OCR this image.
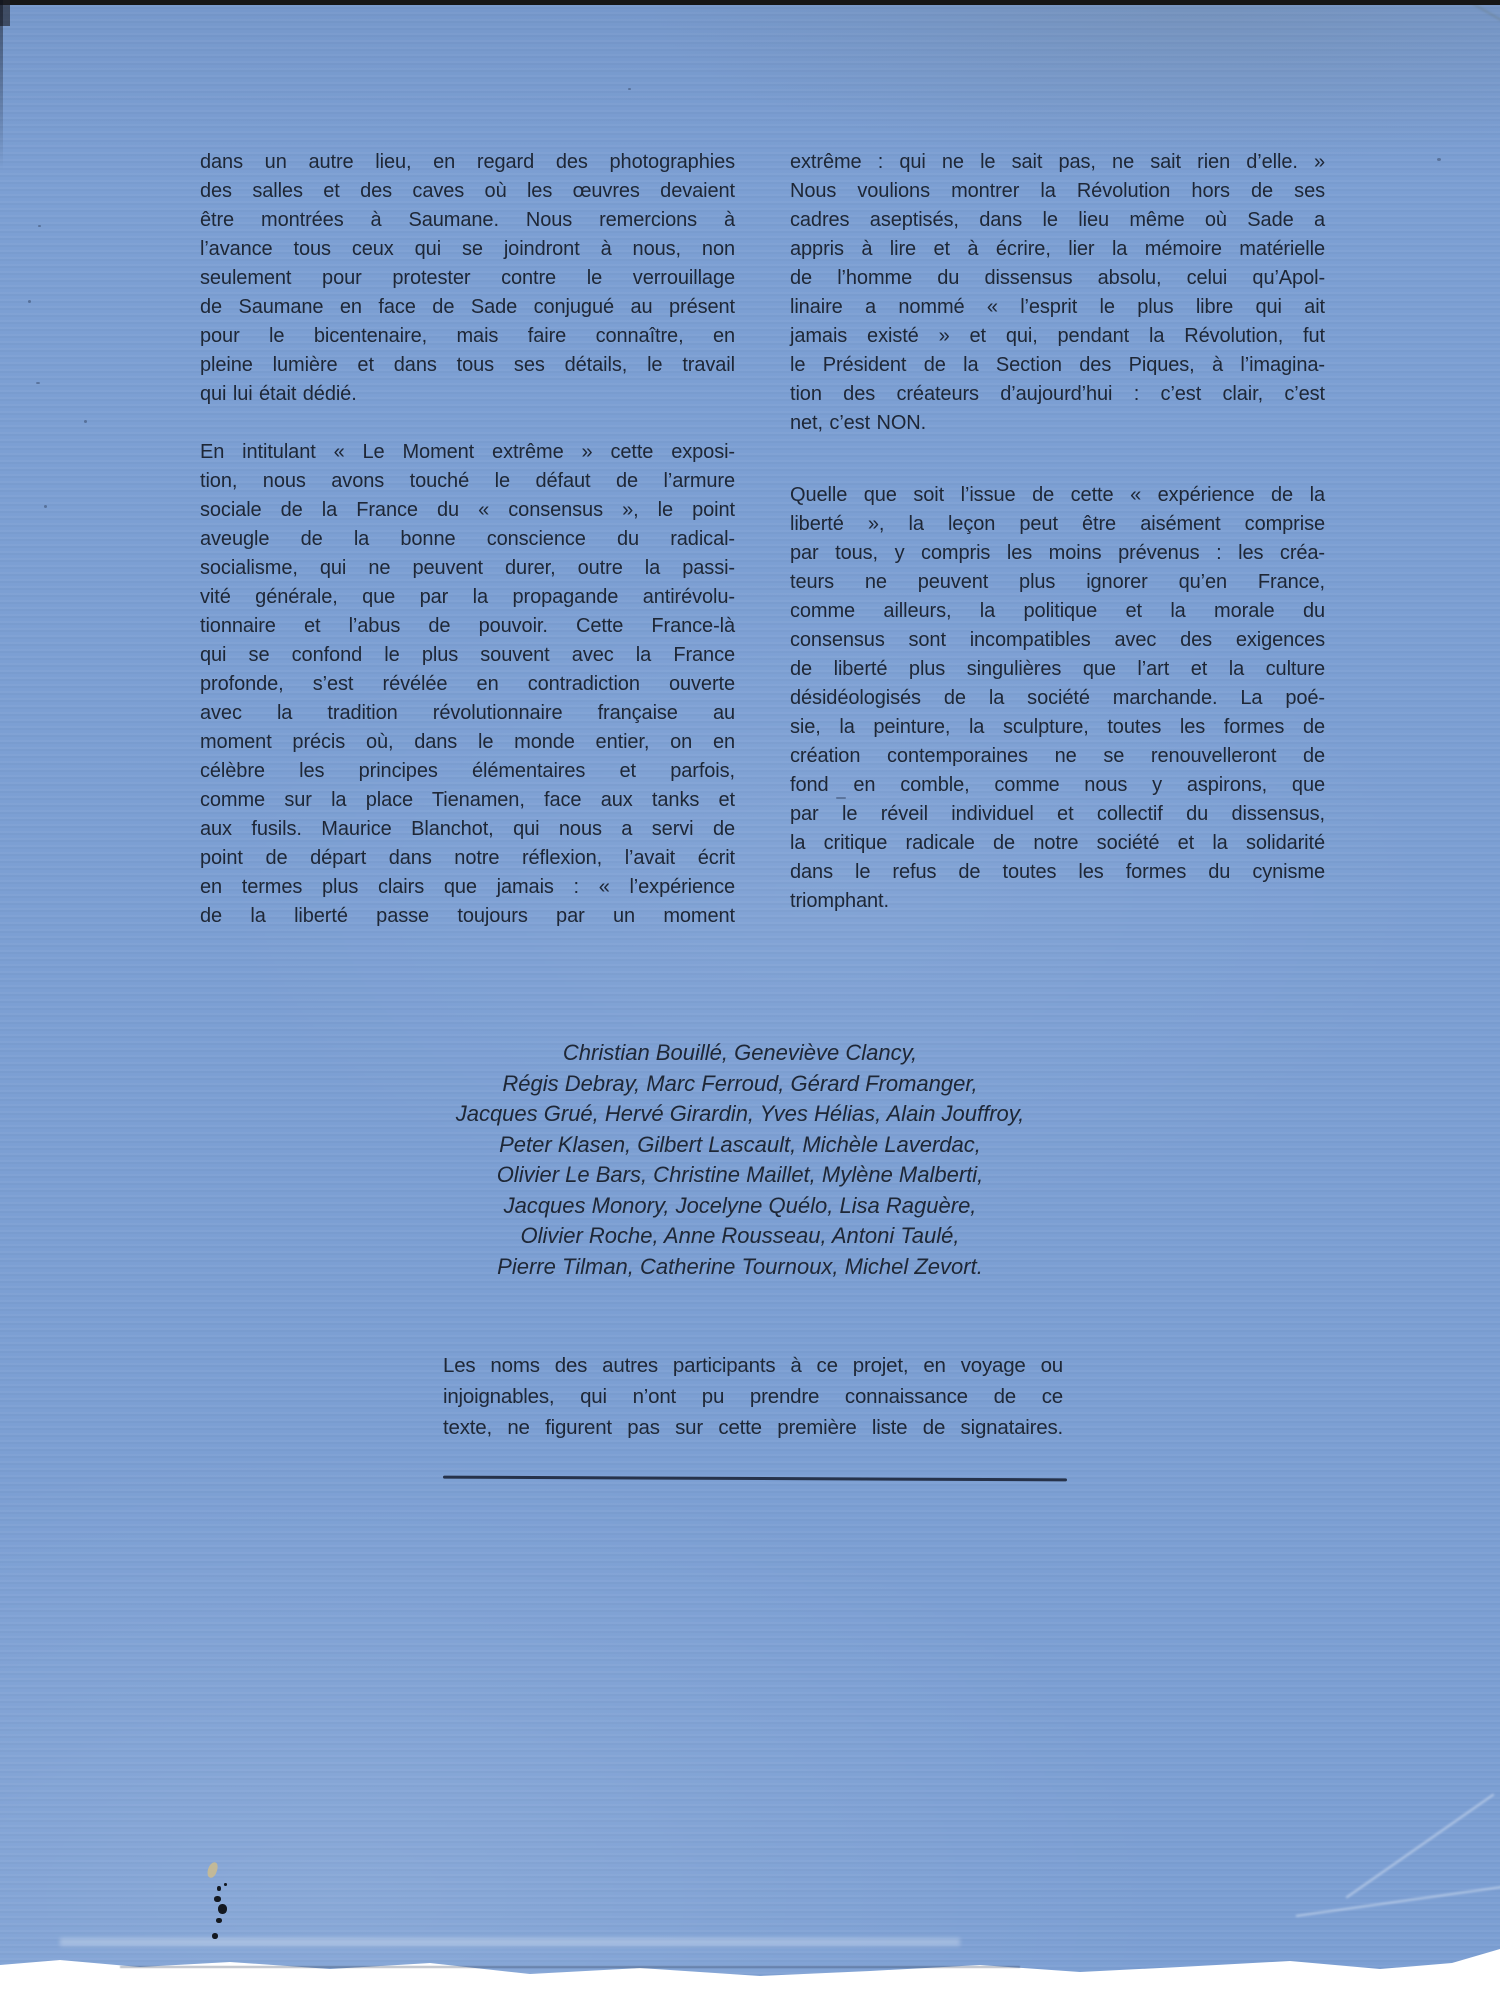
dans un autre lieu, en regard des photographies
des salles et des caves où les œuvres devaient
être montrées à Saumane. Nous remercions à
l’avance tous ceux qui se joindront à nous, non
seulement pour protester contre le verrouillage
de Saumane en face de Sade conjugué au présent
pour le bicentenaire, mais faire connaître, en
pleine lumière et dans tous ses détails, le travail
qui lui était dédié.
En intitulant « Le Moment extrême » cette exposi-
tion, nous avons touché le défaut de l’armure
sociale de la France du « consensus », le point
aveugle de la bonne conscience du radical-
socialisme, qui ne peuvent durer, outre la passi-
vité générale, que par la propagande antirévolu-
tionnaire et l’abus de pouvoir. Cette France-là
qui se confond le plus souvent avec la France
profonde, s’est révélée en contradiction ouverte
avec la tradition révolutionnaire française au
moment précis où, dans le monde entier, on en
célèbre les principes élémentaires et parfois,
comme sur la place Tienamen, face aux tanks et
aux fusils. Maurice Blanchot, qui nous a servi de
point de départ dans notre réflexion, l’avait écrit
en termes plus clairs que jamais : « l’expérience
de la liberté passe toujours par un moment
extrême : qui ne le sait pas, ne sait rien d’elle. »
Nous voulions montrer la Révolution hors de ses
cadres aseptisés, dans le lieu même où Sade a
appris à lire et à écrire, lier la mémoire matérielle
de l’homme du dissensus absolu, celui qu’Apol-
linaire a nommé « l’esprit le plus libre qui ait
jamais existé » et qui, pendant la Révolution, fut
le Président de la Section des Piques, à l’imagina-
tion des créateurs d’aujourd’hui : c’est clair, c’est
net, c’est NON.
Quelle que soit l’issue de cette « expérience de la
liberté », la leçon peut être aisément comprise
par tous, y compris les moins prévenus : les créa-
teurs ne peuvent plus ignorer qu’en France,
comme ailleurs, la politique et la morale du
consensus sont incompatibles avec des exigences
de liberté plus singulières que l’art et la culture
désidéologisés de la société marchande. La poé-
sie, la peinture, la sculpture, toutes les formes de
création contemporaines ne se renouvelleront de
fond en comble, comme nous y aspirons, que
par le réveil individuel et collectif du dissensus,
la critique radicale de notre société et la solidarité
dans le refus de toutes les formes du cynisme
triomphant.
Christian Bouillé, Geneviève Clancy,
Régis Debray, Marc Ferroud, Gérard Fromanger,
Jacques Grué, Hervé Girardin, Yves Hélias, Alain Jouffroy,
Peter Klasen, Gilbert Lascault, Michèle Laverdac,
Olivier Le Bars, Christine Maillet, Mylène Malberti,
Jacques Monory, Jocelyne Quélo, Lisa Raguère,
Olivier Roche, Anne Rousseau, Antoni Taulé,
Pierre Tilman, Catherine Tournoux, Michel Zevort.
Les noms des autres participants à ce projet, en voyage ou
injoignables, qui n’ont pu prendre connaissance de ce
texte, ne figurent pas sur cette première liste de signataires.
